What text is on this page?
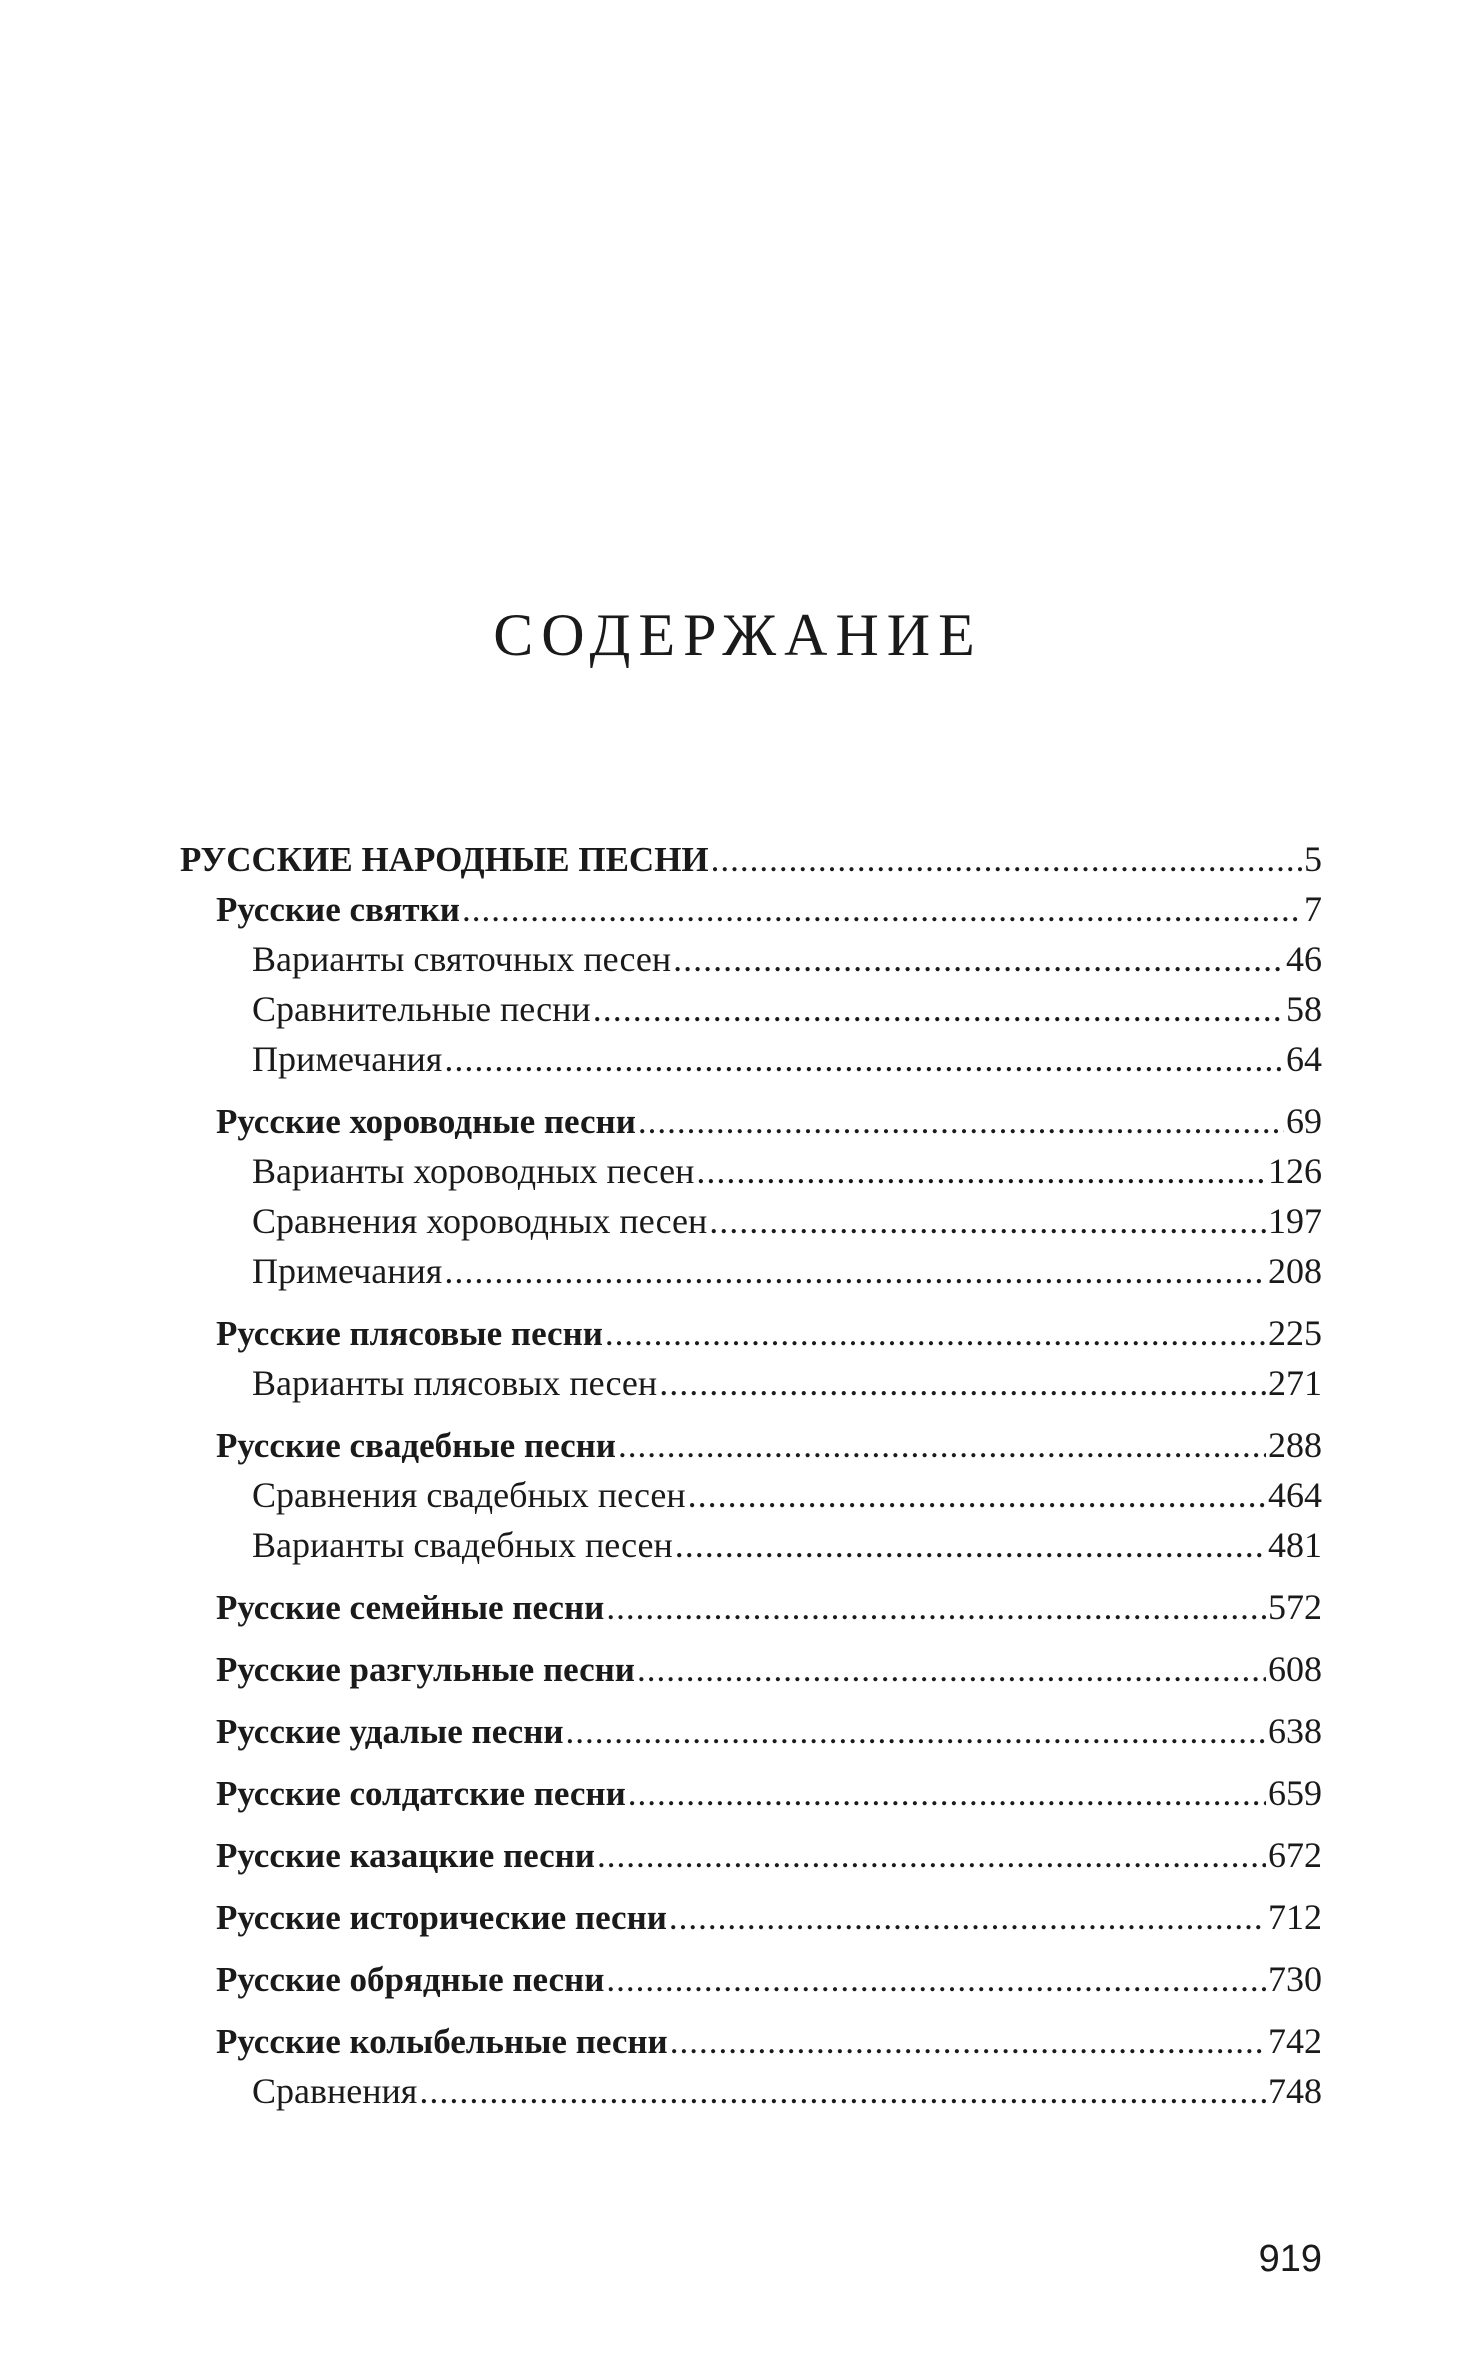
СОДЕРЖАНИЕ
РУССКИЕ НАРОДНЫЕ ПЕСНИ .....	5
Русские святки .....	7
Варианты святочных песен .....	46
Сравнительные песни .....	58
Примечания .....	64
Русские хороводные песни .....	69
Варианты хороводных песен .....	126
Сравнения хороводных песен .....	197
Примечания .....	208
Русские плясовые песни .....	225
Варианты плясовых песен .....	271
Русские свадебные песни .....	288
Сравнения свадебных песен .....	464
Варианты свадебных песен .....	481
Русские семейные песни .....	572
Русские разгульные песни .....	608
Русские удалые песни .....	638
Русские солдатские песни .....	659
Русские казацкие песни .....	672
Русские исторические песни .....	712
Русские обрядные песни .....	730
Русские колыбельные песни .....	742
Сравнения .....	748
919
